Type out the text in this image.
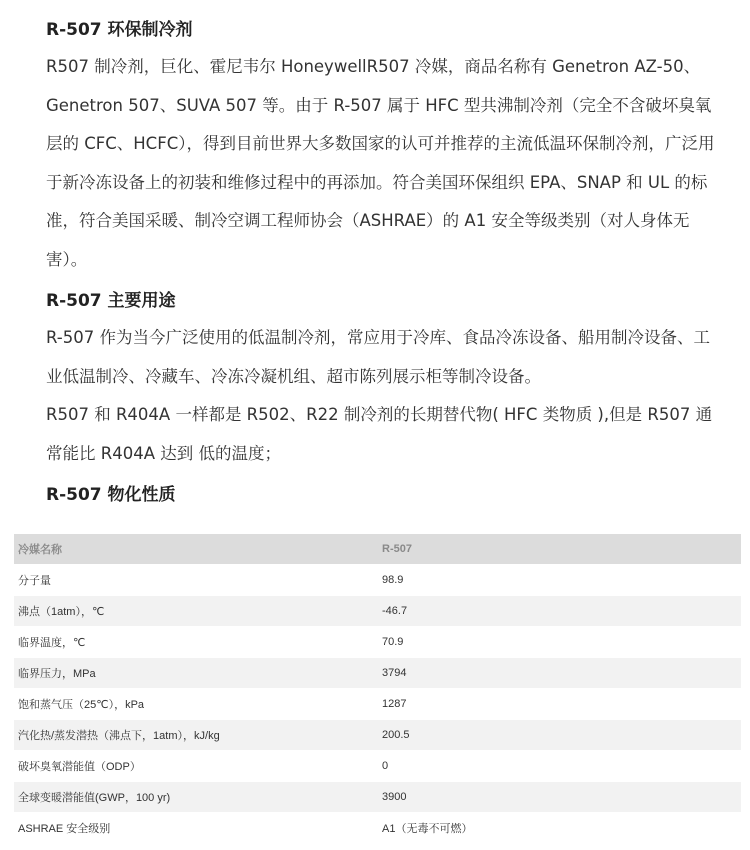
R-507 环保制冷剂

R507 制冷剂，巨化、霍尼韦尔 HoneywellR507 冷媒，商品名称有 Genetron AZ-50、Genetron 507、SUVA 507 等。由于 R-507 属于 HFC 型共沸制冷剂（完全不含破坏臭氧层的 CFC、HCFC），得到目前世界大多数国家的认可并推荐的主流低温环保制冷剂，广泛用于新冷冻设备上的初装和维修过程中的再添加。符合美国环保组织 EPA、SNAP 和 UL 的标准，符合美国采暖、制冷空调工程师协会（ASHRAE）的 A1 安全等级类别（对人身体无害）。

R-507 主要用途

R-507 作为当今广泛使用的低温制冷剂，常应用于冷库、食品冷冻设备、船用制冷设备、工业低温制冷、冷藏车、冷冻冷凝机组、超市陈列展示柜等制冷设备。

R507 和 R404A 一样都是 R502、R22 制冷剂的长期替代物( HFC 类物质 ),但是 R507 通常能比 R404A 达到 低的温度；

R-507 物化性质
冷媒名称	R-507
分子量	98.9
沸点（1atm），℃	-46.7
临界温度，℃	70.9
临界压力，MPa	3794
饱和蒸气压（25℃），kPa	1287
汽化热/蒸发潜热（沸点下，1atm），kJ/kg	200.5
破坏臭氧潜能值（ODP）	0
全球变暖潜能值(GWP，100 yr)	3900
ASHRAE 安全级别	A1（无毒不可燃）
